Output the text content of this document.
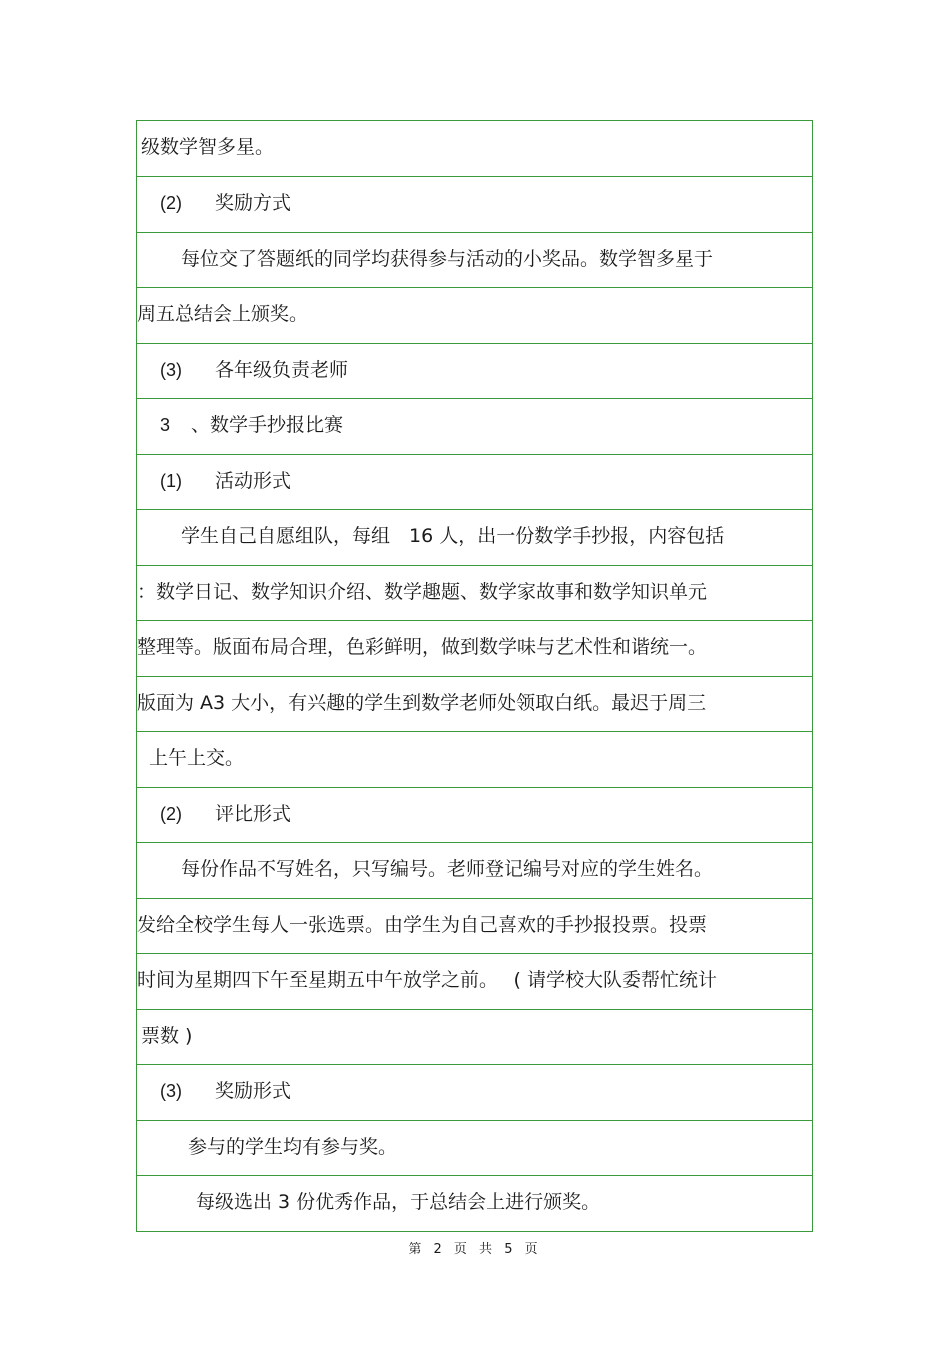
级数学智多星。
(2) 奖励方式
每位交了答题纸的同学均获得参与活动的小奖品。数学智多星于
周五总结会上颁奖。
(3) 各年级负责老师
3 、数学手抄报比赛
(1) 活动形式
学生自己自愿组队，每组　16 人，出一份数学手抄报，内容包括
：数学日记、数学知识介绍、数学趣题、数学家故事和数学知识单元
整理等。版面布局合理，色彩鲜明，做到数学味与艺术性和谐统一。
版面为 A3 大小，有兴趣的学生到数学老师处领取白纸。最迟于周三
上午上交。
(2) 评比形式
每份作品不写姓名，只写编号。老师登记编号对应的学生姓名。
发给全校学生每人一张选票。由学生为自己喜欢的手抄报投票。投票
时间为星期四下午至星期五中午放学之前。　 ( 请学校大队委帮忙统计
票数 )
(3) 奖励形式
参与的学生均有参与奖。
每级选出 3 份优秀作品，于总结会上进行颁奖。
第 2 页 共 5 页
